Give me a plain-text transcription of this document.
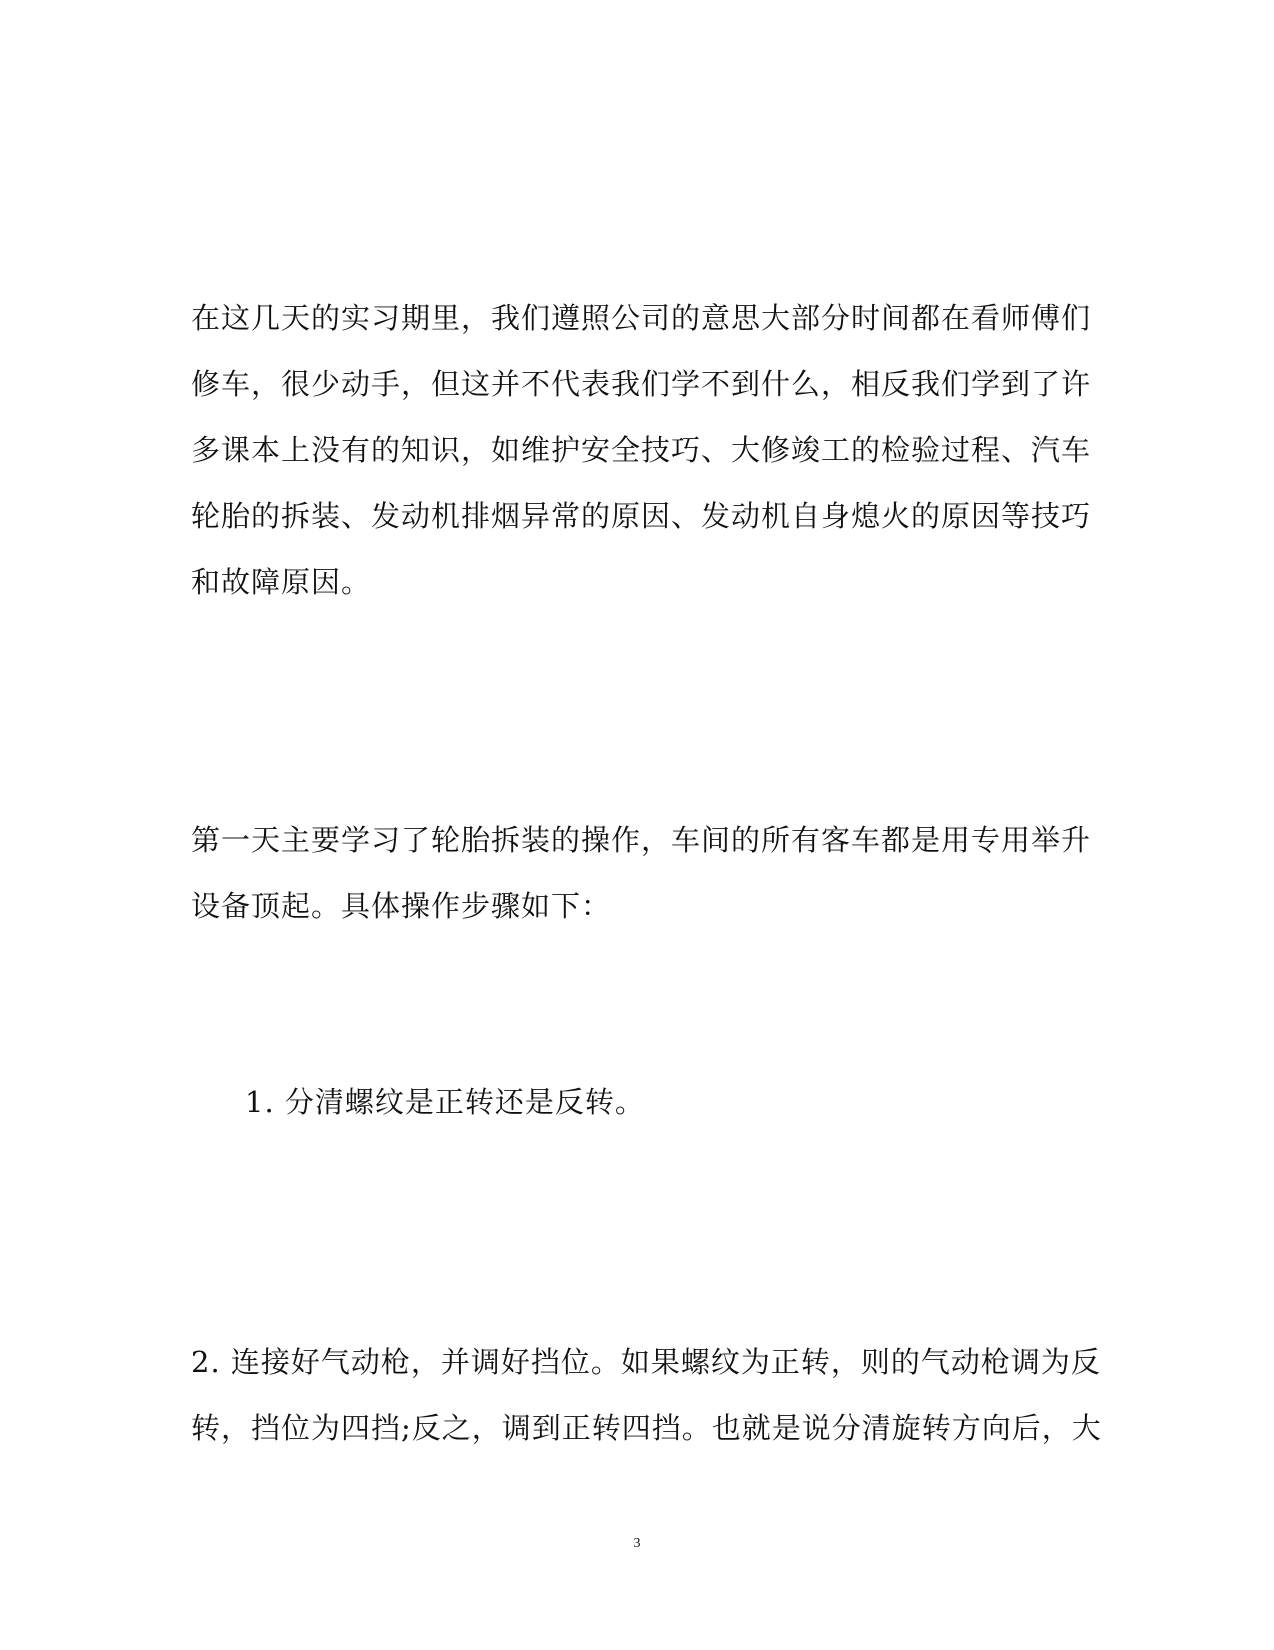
在这几天的实习期里，我们遵照公司的意思大部分时间都在看师傅们
修车，很少动手，但这并不代表我们学不到什么，相反我们学到了许
多课本上没有的知识，如维护安全技巧、大修竣工的检验过程、汽车
轮胎的拆装、发动机排烟异常的原因、发动机自身熄火的原因等技巧
和故障原因。

第一天主要学习了轮胎拆装的操作，车间的所有客车都是用专用举升
设备顶起。具体操作步骤如下：

1. 分清螺纹是正转还是反转。

2. 连接好气动枪，并调好挡位。如果螺纹为正转，则的气动枪调为反
转，挡位为四挡;反之，调到正转四挡。也就是说分清旋转方向后，大

3
